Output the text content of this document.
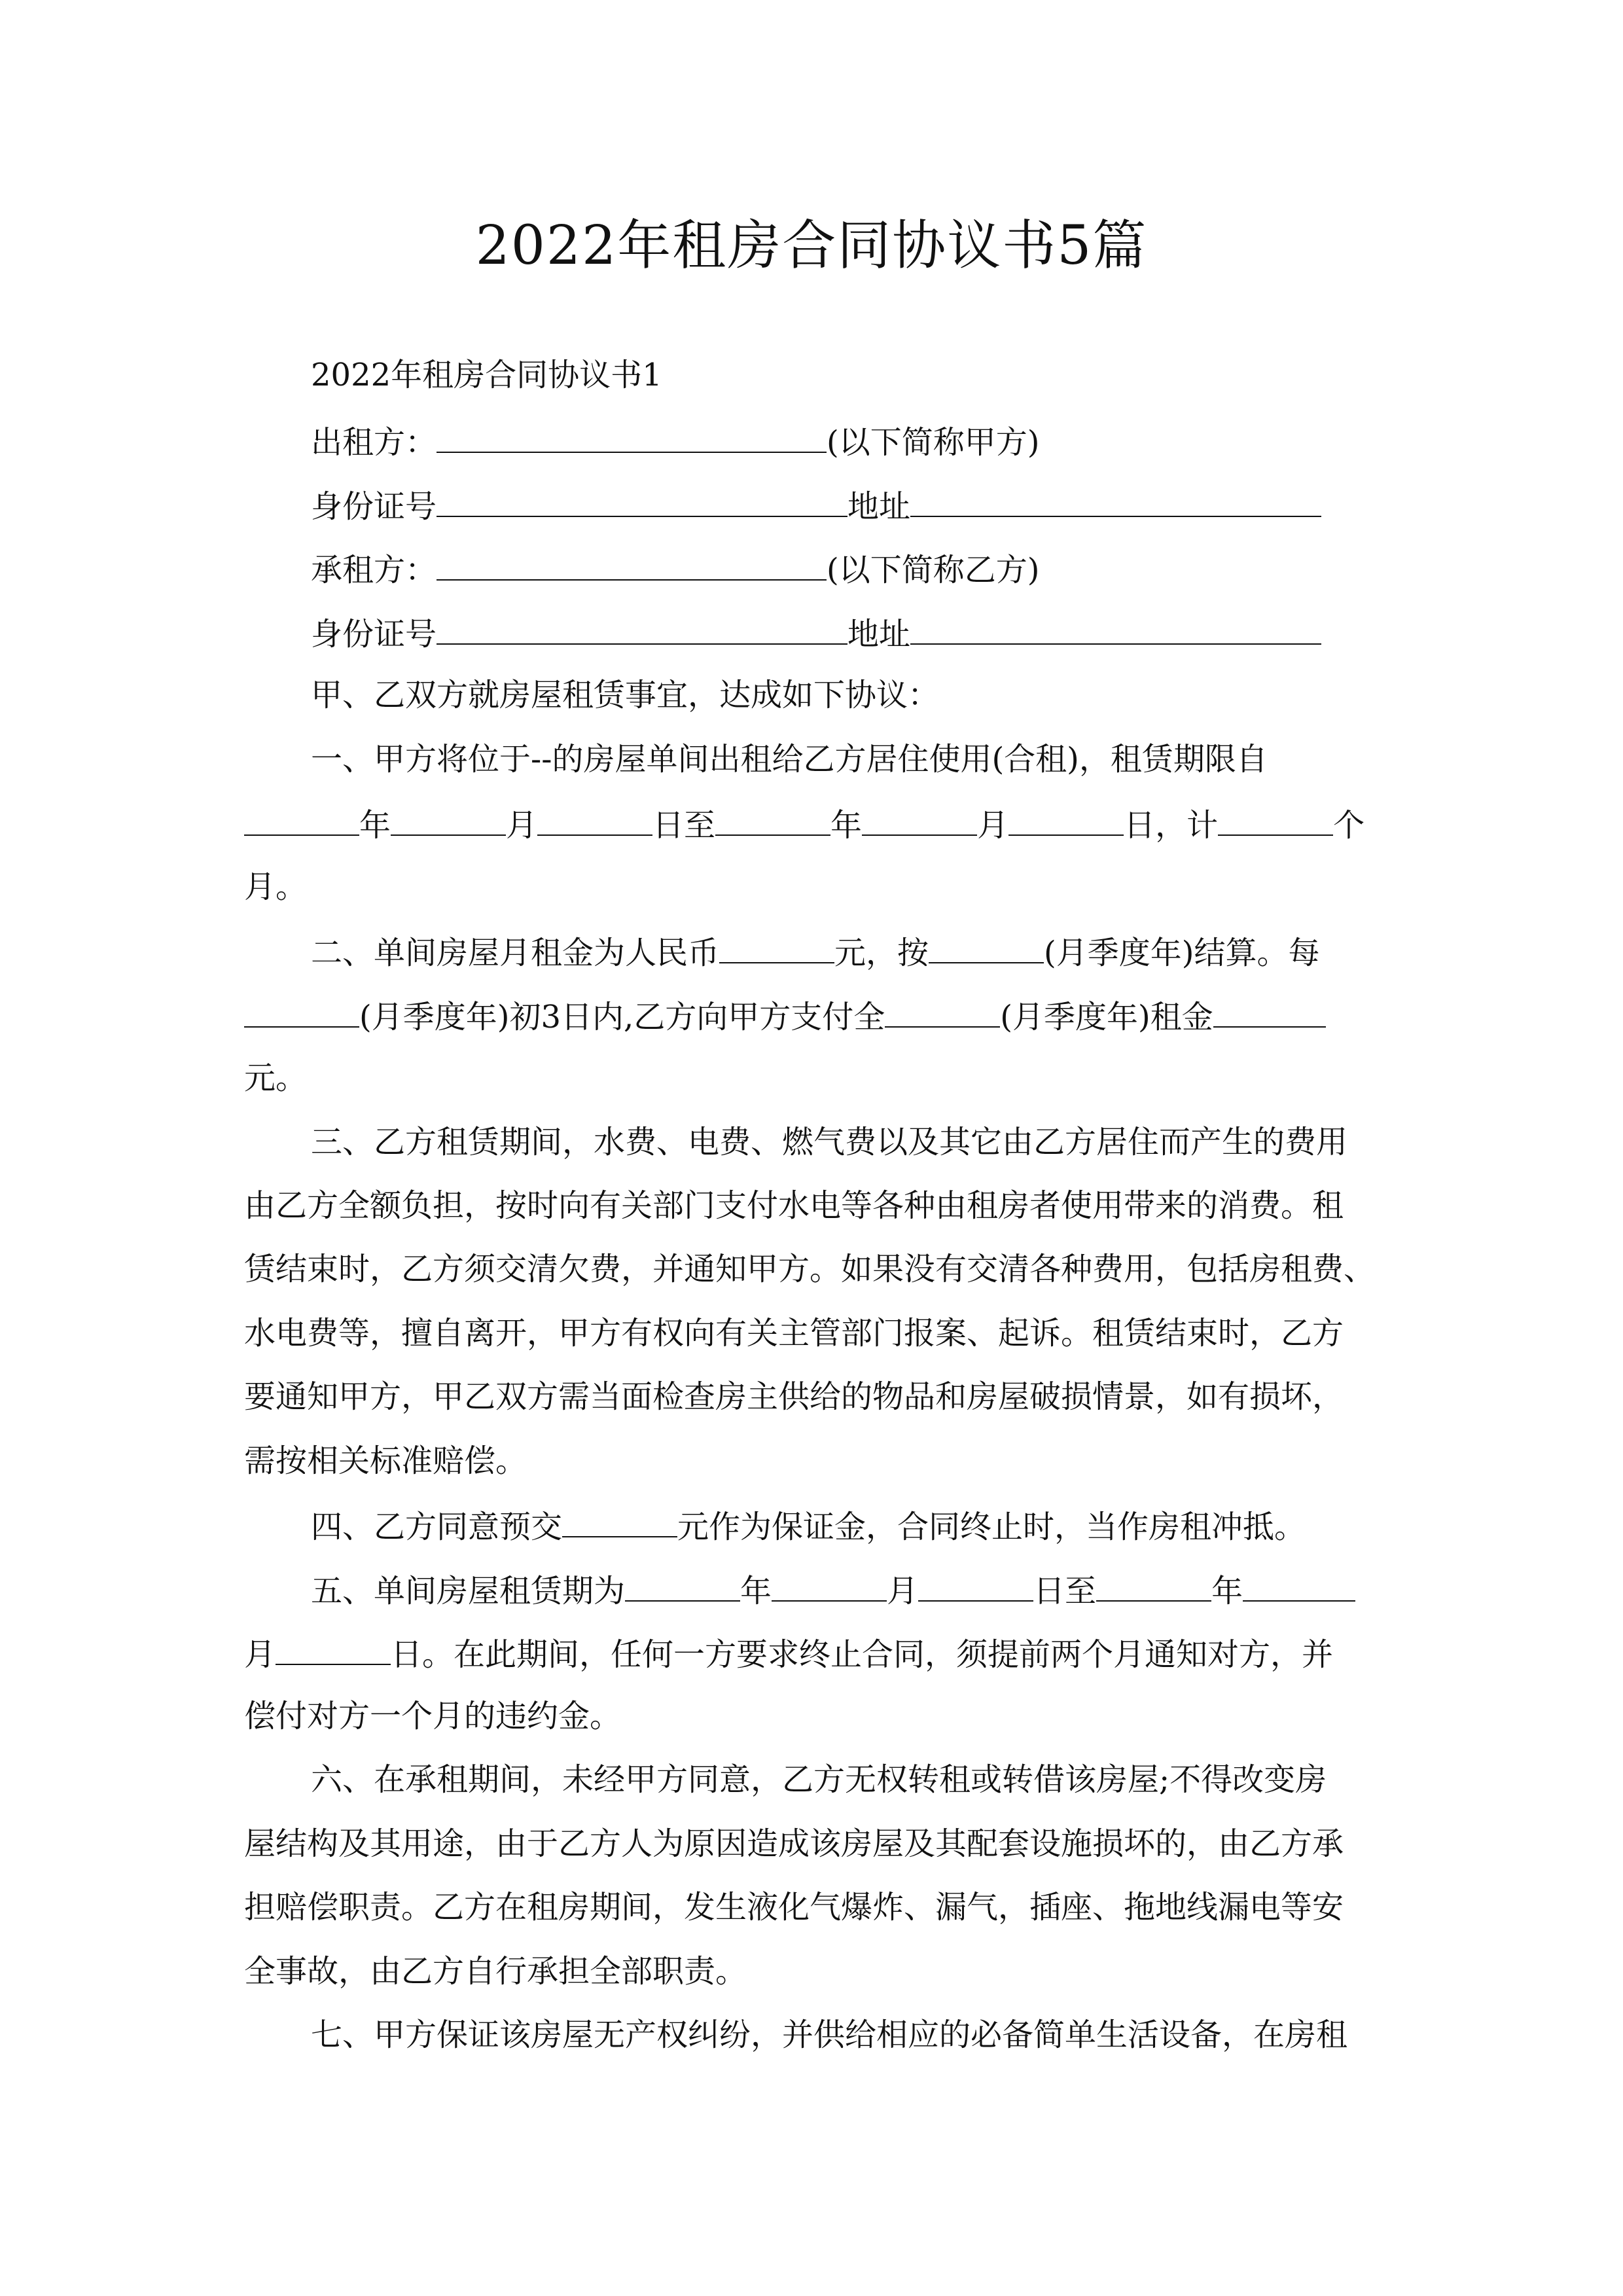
2022年租房合同协议书5篇
2022年租房合同协议书1
出租方：	(以下简称甲方)
身份证号	地址
承租方：	(以下简称乙方)
身份证号	地址
甲、乙双方就房屋租赁事宜，达成如下协议：
一、甲方将位于--的房屋单间出租给乙方居住使用(合租)，租赁期限自
年	月	日至	年	月	日，计	个
月。
二、单间房屋月租金为人民币	元，按	(月季度年)结算。每
(月季度年)初3日内,乙方向甲方支付全	(月季度年)租金
元。
三、乙方租赁期间，水费、电费、燃气费以及其它由乙方居住而产生的费用
由乙方全额负担，按时向有关部门支付水电等各种由租房者使用带来的消费。租
赁结束时，乙方须交清欠费，并通知甲方。如果没有交清各种费用，包括房租费、
水电费等，擅自离开，甲方有权向有关主管部门报案、起诉。租赁结束时，乙方
要通知甲方，甲乙双方需当面检查房主供给的物品和房屋破损情景，如有损坏，
需按相关标准赔偿。
四、乙方同意预交	元作为保证金，合同终止时，当作房租冲抵。
五、单间房屋租赁期为	年	月	日至	年
月	日。在此期间，任何一方要求终止合同，须提前两个月通知对方，并
偿付对方一个月的违约金。
六、在承租期间，未经甲方同意，乙方无权转租或转借该房屋;不得改变房
屋结构及其用途，由于乙方人为原因造成该房屋及其配套设施损坏的，由乙方承
担赔偿职责。乙方在租房期间，发生液化气爆炸、漏气，插座、拖地线漏电等安
全事故，由乙方自行承担全部职责。
七、甲方保证该房屋无产权纠纷，并供给相应的必备简单生活设备，在房租
